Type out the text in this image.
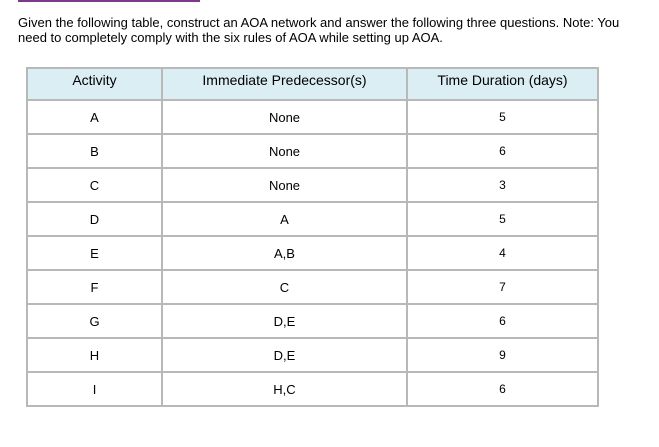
Given the following table, construct an AOA network and answer the following three questions. Note: You need to completely comply with the six rules of AOA while setting up AOA.
Activity	Immediate Predecessor(s)	Time Duration (days)
A	None	5
B	None	6
C	None	3
D	A	5
E	A,B	4
F	C	7
G	D,E	6
H	D,E	9
I	H,C	6
